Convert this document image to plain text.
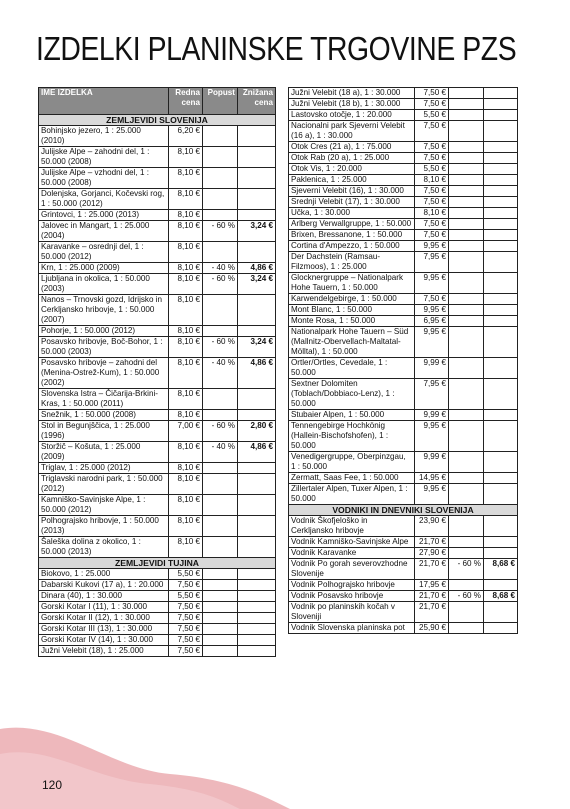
IZDELKI PLANINSKE TRGOVINE PZS
IME IZDELKA	Redna cena	Popust	Znižana cena
ZEMLJEVIDI SLOVENIJA			
Bohinjsko jezero, 1 : 25.000 (2010)	6,20 €		
Julijske Alpe – zahodni del, 1 : 50.000 (2008)	8,10 €		
Julijske Alpe – vzhodni del, 1 : 50.000 (2008)	8,10 €		
Dolenjska, Gorjanci, Kočevski rog, 1 : 50.000 (2012)	8,10 €		
Grintovci, 1 : 25.000 (2013)	8,10 €		
Jalovec in Mangart, 1 : 25.000 (2004)	8,10 €	- 60 %	3,24 €
Karavanke – osrednji del, 1 : 50.000 (2012)	8,10 €		
Krn, 1 : 25.000 (2009)	8,10 €	- 40 %	4,86 €
Ljubljana in okolica, 1 : 50.000 (2003)	8,10 €	- 60 %	3,24 €
Nanos – Trnovski gozd, Idrijsko in Cerkljansko hribovje, 1 : 50.000 (2007)	8,10 €		
Pohorje, 1 : 50.000 (2012)	8,10 €		
Posavsko hribovje, Boč-Bohor, 1 : 50.000 (2003)	8,10 €	- 60 %	3,24 €
Posavsko hribovje – zahodni del (Menina-Ostrež-Kum), 1 : 50.000 (2002)	8,10 €	- 40 %	4,86 €
Slovenska Istra – Čičarija-Brkini-Kras, 1 : 50.000 (2011)	8,10 €		
Snežnik, 1 : 50.000 (2008)	8,10 €		
Stol in Begunjščica, 1 : 25.000 (1996)	7,00 €	- 60 %	2,80 €
Storžič – Košuta, 1 : 25.000 (2009)	8,10 €	- 40 %	4,86 €
Triglav, 1 : 25.000 (2012)	8,10 €		
Triglavski narodni park, 1 : 50.000 (2012)	8,10 €		
Kamniško-Savinjske Alpe, 1 : 50.000 (2012)	8,10 €		
Polhograjsko hribovje, 1 : 50.000 (2013)	8,10 €		
Šaleška dolina z okolico, 1 : 50.000 (2013)	8,10 €		
ZEMLJEVIDI TUJINA			
Biokovo, 1 : 25.000	5,50 €		
Dabarski Kukovi (17 a), 1 : 20.000	7,50 €		
Dinara (40), 1 : 30.000	5,50 €		
Gorski Kotar I (11), 1 : 30.000	7,50 €		
Gorski Kotar II (12), 1 : 30.000	7,50 €		
Gorski Kotar III (13), 1 : 30.000	7,50 €		
Gorski Kotar IV (14), 1 : 30.000	7,50 €		
Južni Velebit (18), 1 : 25.000	7,50 €		
Južni Velebit (18 a), 1 : 30.000	7,50 €		
Južni Velebit (18 b), 1 : 30.000	7,50 €		
Lastovsko otočje, 1 : 20.000	5,50 €		
Nacionalni park Sjeverni Velebit (16 a), 1 : 30.000	7,50 €		
Otok Cres (21 a), 1 : 75.000	7,50 €		
Otok Rab (20 a), 1 : 25.000	7,50 €		
Otok Vis, 1 : 20.000	5,50 €		
Paklenica, 1 : 25.000	8,10 €		
Sjeverni Velebit (16), 1 : 30.000	7,50 €		
Srednji Velebit (17), 1 : 30.000	7,50 €		
Učka, 1 : 30.000	8,10 €		
Arlberg Verwallgruppe, 1 : 50.000	7,50 €		
Brixen, Bressanone, 1 : 50.000	7,50 €		
Cortina d'Ampezzo, 1 : 50.000	9,95 €		
Der Dachstein (Ramsau-Filzmoos), 1 : 25.000	7,95 €		
Glocknergruppe – Nationalpark Hohe Tauern, 1 : 50.000	9,95 €		
Karwendelgebirge, 1 : 50.000	7,50 €		
Mont Blanc, 1 : 50.000	9,95 €		
Monte Rosa, 1 : 50.000	6,95 €		
Nationalpark Hohe Tauern – Süd (Mallnitz-Obervellach-Maltatal-Mölltal), 1 : 50.000	9,95 €		
Ortler/Ortles, Cevedale, 1 : 50.000	9,99 €		
Sextner Dolomiten (Toblach/Dobbiaco-Lenz), 1 : 50.000	7,95 €		
Stubaier Alpen, 1 : 50.000	9,99 €		
Tennengebirge Hochkönig (Hallein-Bischofshofen), 1 : 50.000	9,95 €		
Venedigergruppe, Oberpinzgau, 1 : 50.000	9,99 €		
Zermatt, Saas Fee, 1 : 50.000	14,95 €		
Zillertaler Alpen, Tuxer Alpen, 1 : 50.000	9,95 €		
VODNIKI IN DNEVNIKI SLOVENIJA			
Vodnik Škofjeloško in Cerkljansko hribovje	23,90 €		
Vodnik Kamniško-Savinjske Alpe	21,70 €		
Vodnik Karavanke	27,90 €		
Vodnik Po gorah severovzhodne Slovenije	21,70 €	- 60 %	8,68 €
Vodnik Polhograjsko hribovje	17,95 €		
Vodnik Posavsko hribovje	21,70 €	- 60 %	8,68 €
Vodnik po planinskih kočah v Sloveniji	21,70 €		
Vodnik Slovenska planinska pot	25,90 €		
120
